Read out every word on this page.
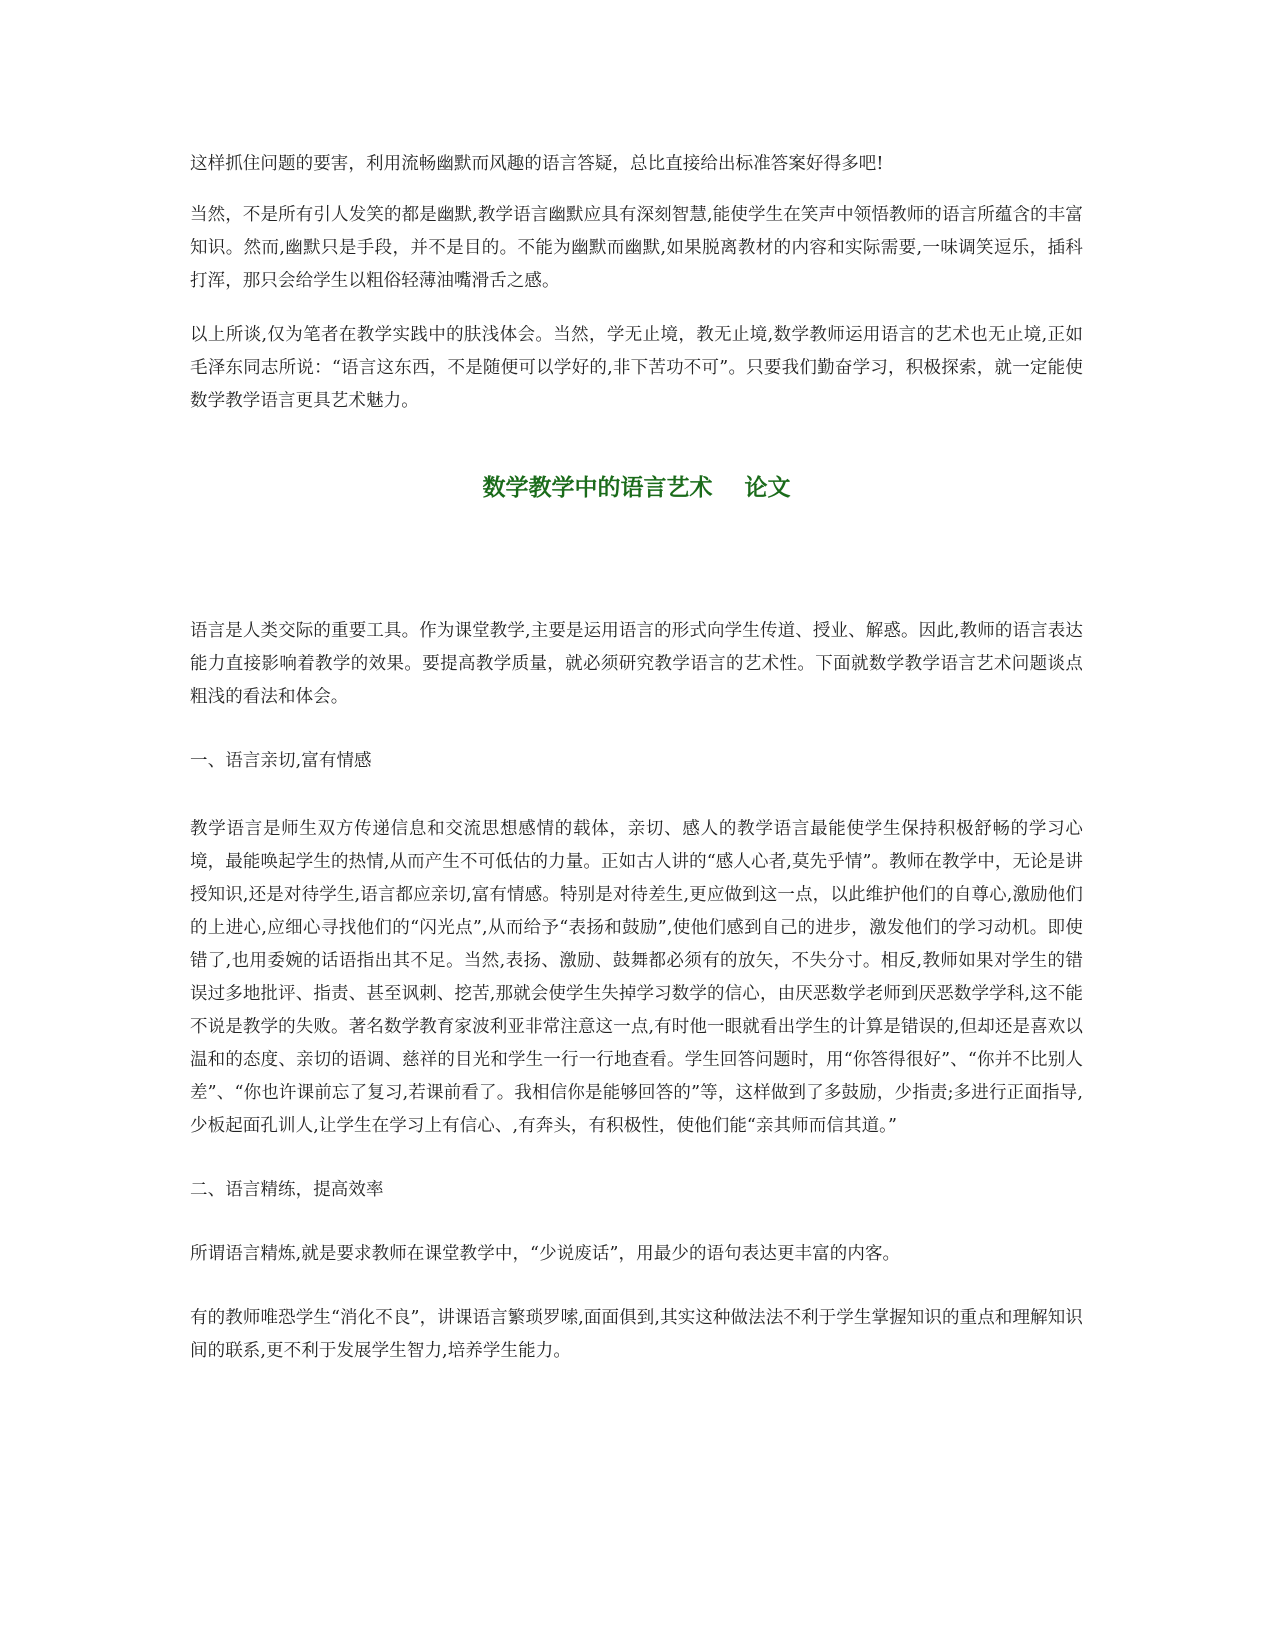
这样抓住问题的要害，利用流畅幽默而风趣的语言答疑，总比直接给出标准答案好得多吧!

当然，不是所有引人发笑的都是幽默,教学语言幽默应具有深刻智慧,能使学生在笑声中领悟教师的语言所蕴含的丰富知识。然而,幽默只是手段，并不是目的。不能为幽默而幽默,如果脱离教材的内容和实际需要,一味调笑逗乐，插科打浑，那只会给学生以粗俗轻薄油嘴滑舌之感。

以上所谈,仅为笔者在教学实践中的肤浅体会。当然，学无止境，教无止境,数学教师运用语言的艺术也无止境,正如毛泽东同志所说：“语言这东西，不是随便可以学好的,非下苦功不可”。只要我们勤奋学习，积极探索，就一定能使数学教学语言更具艺术魅力。

数学教学中的语言艺术    论文

语言是人类交际的重要工具。作为课堂教学,主要是运用语言的形式向学生传道、授业、解惑。因此,教师的语言表达能力直接影响着教学的效果。要提高教学质量，就必须研究教学语言的艺术性。下面就数学教学语言艺术问题谈点粗浅的看法和体会。

一、语言亲切,富有情感

教学语言是师生双方传递信息和交流思想感情的载体，亲切、感人的教学语言最能使学生保持积极舒畅的学习心境，最能唤起学生的热情,从而产生不可低估的力量。正如古人讲的“感人心者,莫先乎情”。教师在教学中，无论是讲授知识,还是对待学生,语言都应亲切,富有情感。特别是对待差生,更应做到这一点，以此维护他们的自尊心,激励他们的上进心,应细心寻找他们的“闪光点”,从而给予“表扬和鼓励”,使他们感到自己的进步，激发他们的学习动机。即使错了,也用委婉的话语指出其不足。当然,表扬、激励、鼓舞都必须有的放矢，不失分寸。相反,教师如果对学生的错误过多地批评、指责、甚至讽刺、挖苦,那就会使学生失掉学习数学的信心，由厌恶数学老师到厌恶数学学科,这不能不说是教学的失败。著名数学教育家波利亚非常注意这一点,有时他一眼就看出学生的计算是错误的,但却还是喜欢以温和的态度、亲切的语调、慈祥的目光和学生一行一行地查看。学生回答问题时，用“你答得很好”、“你并不比别人差”、“你也许课前忘了复习,若课前看了。我相信你是能够回答的”等，这样做到了多鼓励，少指责;多进行正面指导,少板起面孔训人,让学生在学习上有信心、,有奔头，有积极性，使他们能“亲其师而信其道。”

二、语言精练，提高效率

所谓语言精炼,就是要求教师在课堂教学中，“少说废话”，用最少的语句表达更丰富的内客。

有的教师唯恐学生“消化不良”，讲课语言繁琐罗嗦,面面俱到,其实这种做法法不利于学生掌握知识的重点和理解知识间的联系,更不利于发展学生智力,培养学生能力。
